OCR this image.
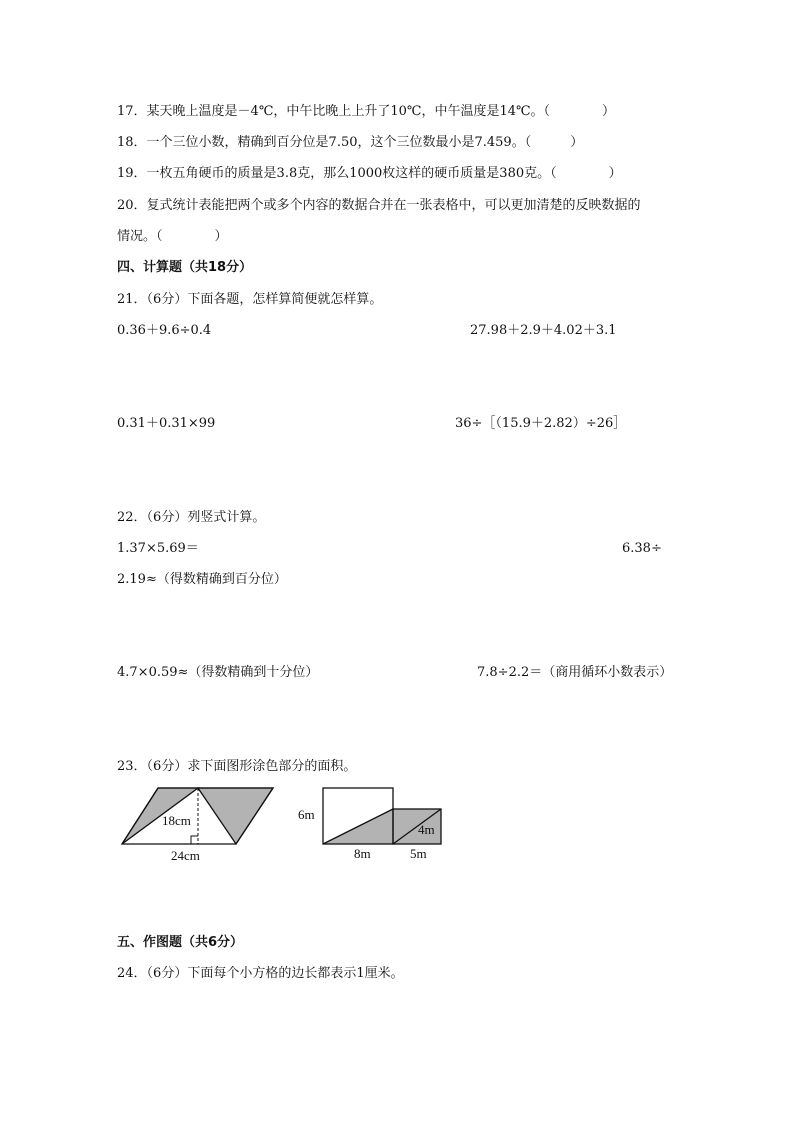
17．某天晚上温度是－4℃，中午比晚上上升了10℃，中午温度是14℃。（　　　　）
18．一个三位小数，精确到百分位是7.50，这个三位数最小是7.459。（　　　）
19．一枚五角硬币的质量是3.8克，那么1000枚这样的硬币质量是380克。（　　　　）
20．复式统计表能把两个或多个内容的数据合并在一张表格中，可以更加清楚的反映数据的
情况。（　　　　）
四、计算题（共18分）
21．（6分）下面各题，怎样算简便就怎样算。
0.36＋9.6÷0.4	27.98＋2.9＋4.02＋3.1
0.31＋0.31×99	36÷［（15.9＋2.82）÷26］
22．（6分）列竖式计算。
1.37×5.69＝	6.38÷
2.19≈（得数精确到百分位）
4.7×0.59≈（得数精确到十分位）	7.8÷2.2＝（商用循环小数表示）
23．（6分）求下面图形涂色部分的面积。
18cm
24cm
6m
4m
8m	5m
五、作图题（共6分）
24．（6分）下面每个小方格的边长都表示1厘米。
